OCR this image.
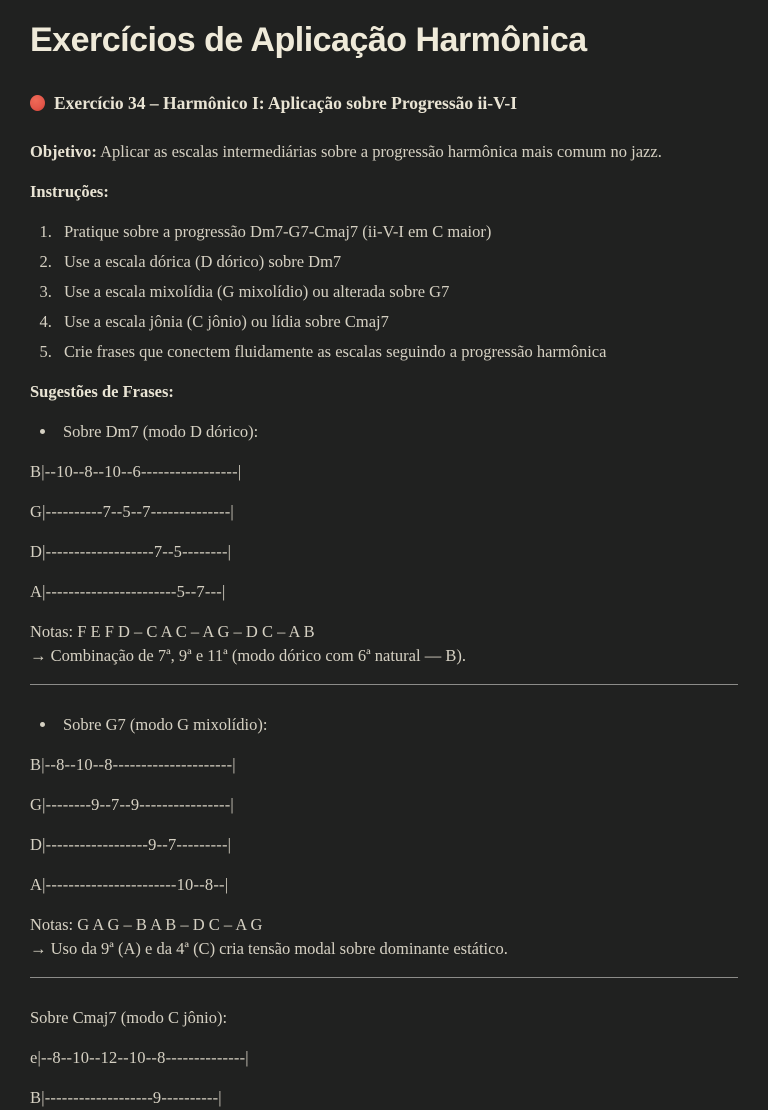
Exercícios de Aplicação Harmônica
Exercício 34 – Harmônico I: Aplicação sobre Progressão ii-V-I

Objetivo: Aplicar as escalas intermediárias sobre a progressão harmônica mais comum no jazz.

Instruções:

1. Pratique sobre a progressão Dm7-G7-Cmaj7 (ii-V-I em C maior)
2. Use a escala dórica (D dórico) sobre Dm7
3. Use a escala mixolídia (G mixolídio) ou alterada sobre G7
4. Use a escala jônia (C jônio) ou lídia sobre Cmaj7
5. Crie frases que conectem fluidamente as escalas seguindo a progressão harmônica

Sugestões de Frases:

• Sobre Dm7 (modo D dórico):

B|--10--8--10--6-----------------|

G|----------7--5--7--------------|

D|-------------------7--5--------|

A|-----------------------5--7---|

Notas: F E F D – C A C – A G – D C – A B
→ Combinação de 7ª, 9ª e 11ª (modo dórico com 6ª natural — B).

• Sobre G7 (modo G mixolídio):

B|--8--10--8---------------------|

G|--------9--7--9----------------|

D|------------------9--7---------|

A|-----------------------10--8--|

Notas: G A G – B A B – D C – A G
→ Uso da 9ª (A) e da 4ª (C) cria tensão modal sobre dominante estático.

Sobre Cmaj7 (modo C jônio):

e|--8--10--12--10--8--------------|

B|-------------------9----------|
